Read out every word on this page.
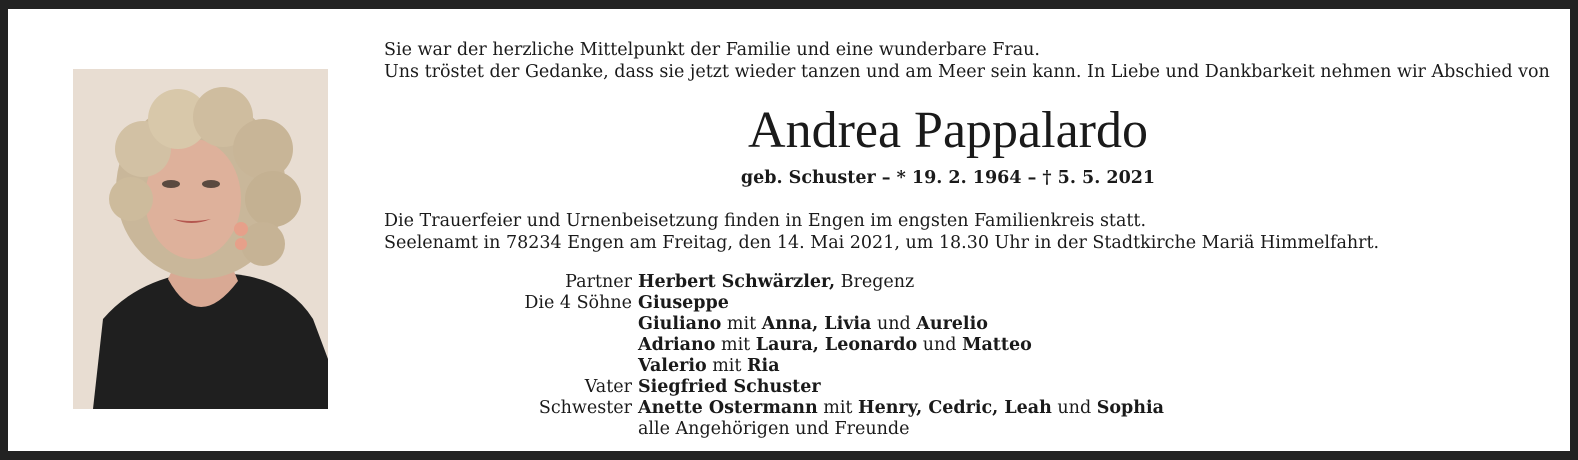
Sie war der herzliche Mittelpunkt der Familie und eine wunderbare Frau.
Uns tröstet der Gedanke, dass sie jetzt wieder tanzen und am Meer sein kann. In Liebe und Dankbarkeit nehmen wir Abschied von
Andrea Pappalardo
geb. Schuster – * 19. 2. 1964 – † 5. 5. 2021
Die Trauerfeier und Urnenbeisetzung finden in Engen im engsten Familienkreis statt.
Seelenamt in 78234 Engen am Freitag, den 14. Mai 2021, um 18.30 Uhr in der Stadtkirche Mariä Himmelfahrt.
Partner Herbert Schwärzler, Bregenz
Die 4 Söhne Giuseppe
Giuliano mit Anna, Livia und Aurelio
Adriano mit Laura, Leonardo und Matteo
Valerio mit Ria
Vater Siegfried Schuster
Schwester Anette Ostermann mit Henry, Cedric, Leah und Sophia
alle Angehörigen und Freunde
